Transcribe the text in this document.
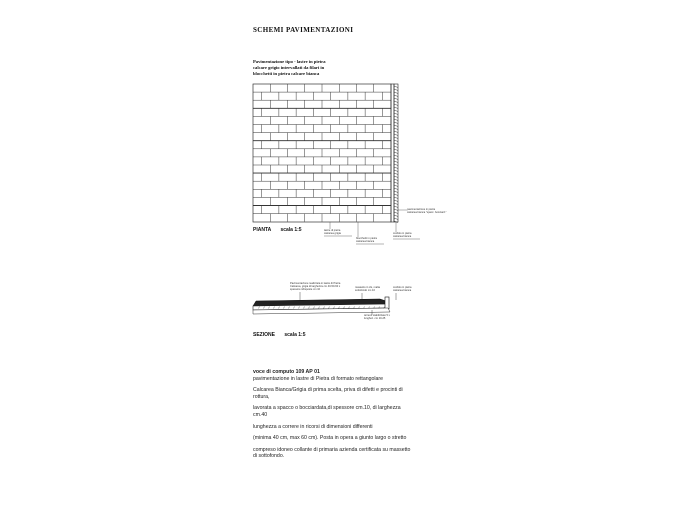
SCHEMI PAVIMENTAZIONI
Pavimentazione tipo - lastre in pietra
calcare grigio intervallati da filari in
blocchetti in pietra calcare bianca
PIANTA scala 1:5	lastre di pietra
calcarea grigia
blocchetti in pietra
calcarea bianca
cordolo in pietra
calcarea bianca
pavimentazione in pietra
calcarea bianca "spacc. bocciard."
Pavimentazione realizzata in lastre di Pietra
Calcarea, grigia di larghezza cm 40-50-60 x
spessore ridisposte cm 10
massetto in cls, malta
sottofondo cm 10
cordolo in pietra
calcarea bianca
terreno stabilizzato 5 x
lunghez. cm 10-25
SEZIONE scala 1:5
voce di computo 109 AP 01

pavimentazione in lastre di Pietra di formato rettangolare

Calcarea Bianca/Grigia di prima scelta, priva di difetti e procinti di rottura,

lavorata a spacco o bocciardata,di spessore cm.10, di larghezza cm.40

lunghezza a correre in ricorsi di dimensioni differenti

(minima 40 cm, max 60 cm). Posta in opera a giunto largo o stretto

compreso idoneo collante di primaria azienda certificata su massetto di sottofondo.
